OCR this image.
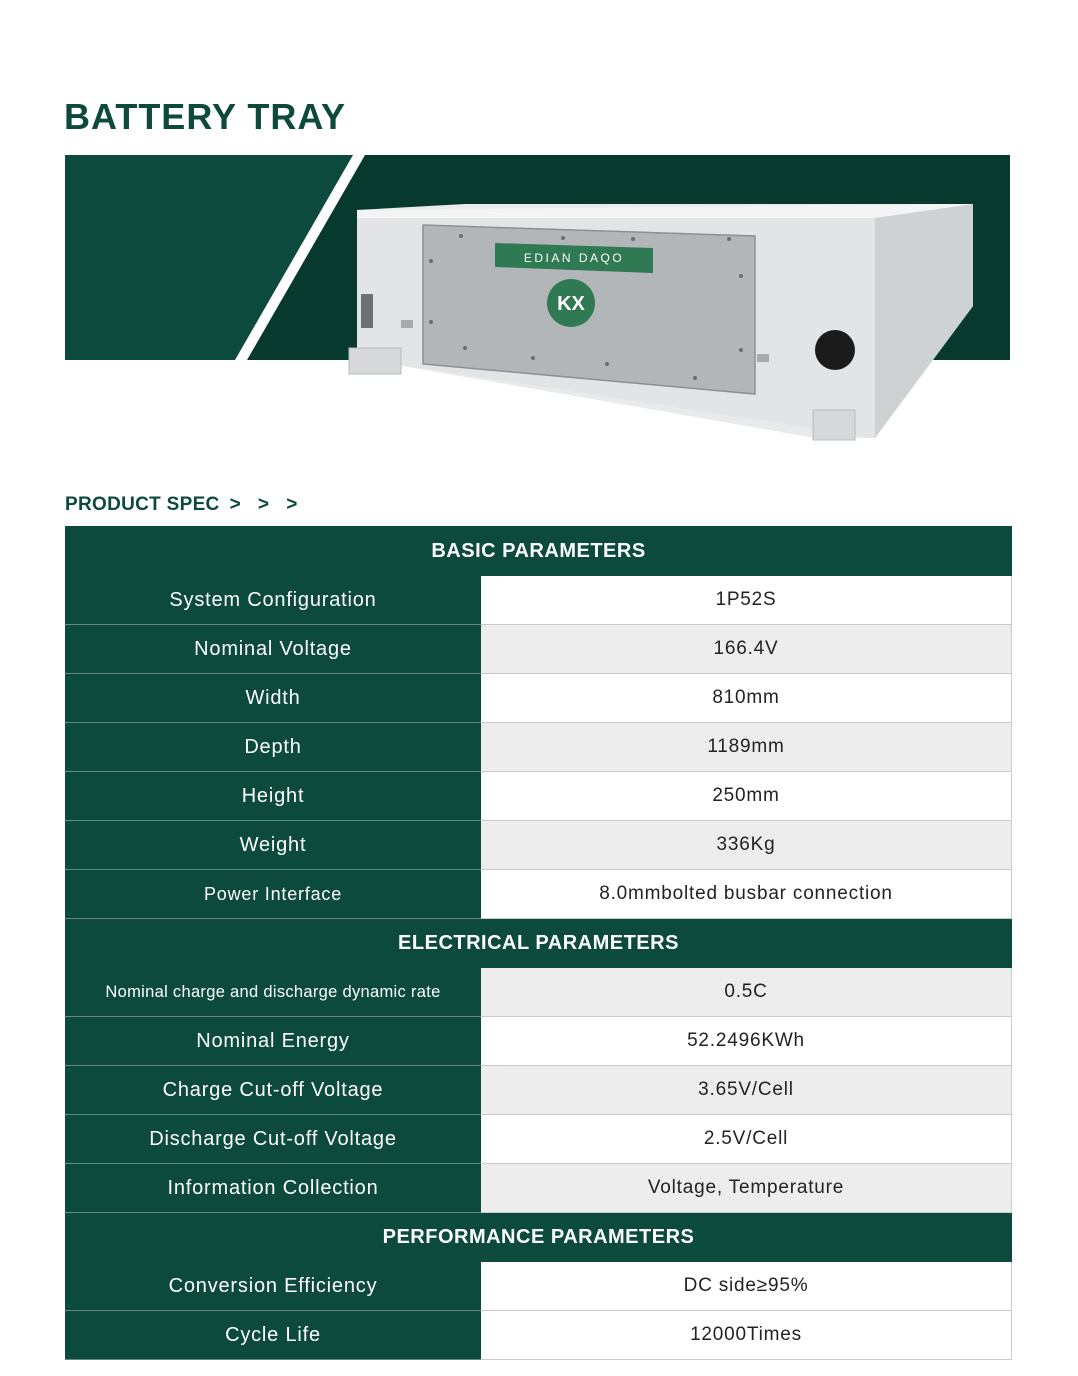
BATTERY TRAY
EDIAN DAQO
KX
PRODUCT SPEC > > >
BASIC PARAMETERS	
System Configuration	1P52S
Nominal Voltage	166.4V
Width	810mm
Depth	1189mm
Height	250mm
Weight	336Kg
Power Interface	8.0mmbolted busbar connection
ELECTRICAL PARAMETERS	
Nominal charge and discharge dynamic rate	0.5C
Nominal Energy	52.2496KWh
Charge Cut-off Voltage	3.65V/Cell
Discharge Cut-off Voltage	2.5V/Cell
Information Collection	Voltage, Temperature
PERFORMANCE PARAMETERS	
Conversion Efficiency	DC side≥95%
Cycle Life	12000Times
